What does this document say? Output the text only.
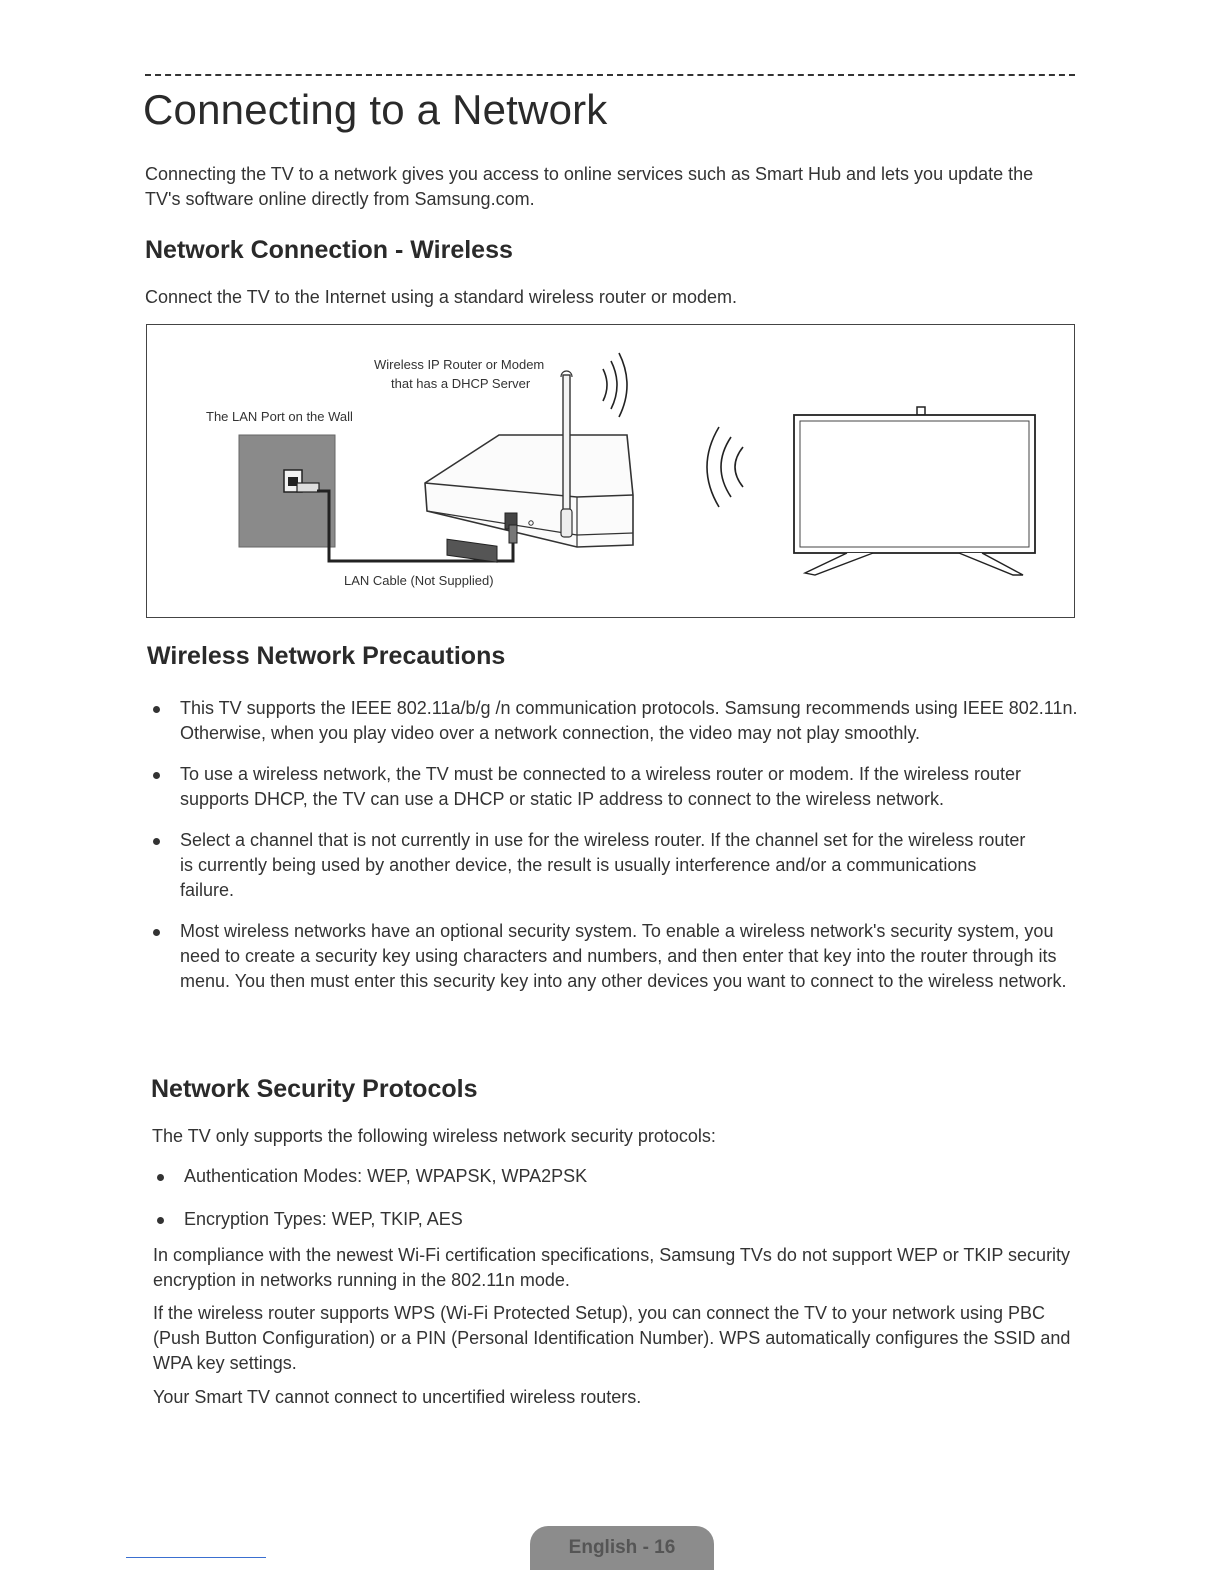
Connecting to a Network

Connecting the TV to a network gives you access to online services such as Smart Hub and lets you update the TV's software online directly from Samsung.com.

Network Connection - Wireless

Connect the TV to the Internet using a standard wireless router or modem.

Wireless IP Router or Modem
that has a DHCP Server
The LAN Port on the Wall
LAN Cable (Not Supplied)
Wireless Network Precautions
This TV supports the IEEE 802.11a/b/g /n communication protocols. Samsung recommends using IEEE 802.11n. Otherwise, when you play video over a network connection, the video may not play smoothly.
To use a wireless network, the TV must be connected to a wireless router or modem. If the wireless router supports DHCP, the TV can use a DHCP or static IP address to connect to the wireless network.
Select a channel that is not currently in use for the wireless router. If the channel set for the wireless router is currently being used by another device, the result is usually interference and/or a communications failure.
Most wireless networks have an optional security system. To enable a wireless network's security system, you need to create a security key using characters and numbers, and then enter that key into the router through its menu. You then must enter this security key into any other devices you want to connect to the wireless network.
Network Security Protocols

The TV only supports the following wireless network security protocols:

Authentication Modes: WEP, WPAPSK, WPA2PSK
Encryption Types: WEP, TKIP, AES

In compliance with the newest Wi-Fi certification specifications, Samsung TVs do not support WEP or TKIP security encryption in networks running in the 802.11n mode.

If the wireless router supports WPS (Wi-Fi Protected Setup), you can connect the TV to your network using PBC (Push Button Configuration) or a PIN (Personal Identification Number). WPS automatically configures the SSID and WPA key settings.

Your Smart TV cannot connect to uncertified wireless routers.

English - 16
